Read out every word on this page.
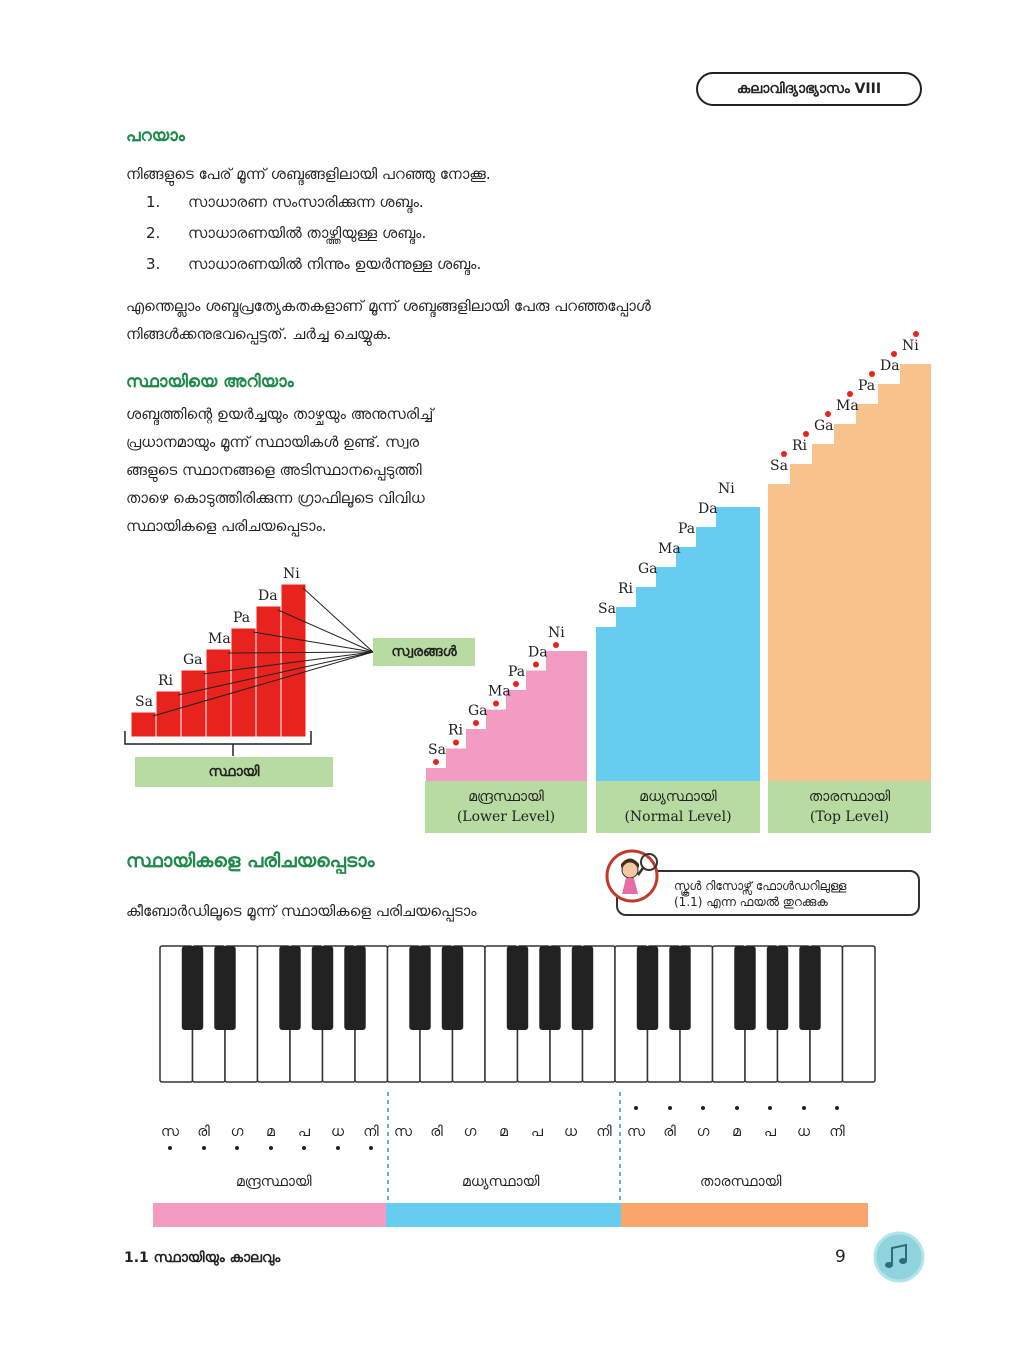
കലാവിദ്യാഭ്യാസം VIII
പറയാം
നിങ്ങളുടെ പേര് മൂന്ന് ശബ്ദങ്ങളിലായി പറഞ്ഞു നോക്കൂ.
1. സാധാരണ സംസാരിക്കുന്ന ശബ്ദം.
2. സാധാരണയിൽ താഴ്ത്തിയുള്ള ശബ്ദം.
3. സാധാരണയിൽ നിന്നും ഉയർന്നുള്ള ശബ്ദം.
എന്തെല്ലാം ശബ്ദപ്രത്യേകതകളാണ് മൂന്ന് ശബ്ദങ്ങളിലായി പേരു പറഞ്ഞപ്പോൾ
നിങ്ങൾക്കനുഭവപ്പെട്ടത്. ചർച്ച ചെയ്യുക.
സ്ഥായിയെ അറിയാം
ശബ്ദത്തിന്റെ ഉയർച്ചയും താഴ്ചയും അനുസരിച്ച്
പ്രധാനമായും മൂന്ന് സ്ഥായികൾ ഉണ്ട്. സ്വര
ങ്ങളുടെ സ്ഥാനങ്ങളെ അടിസ്ഥാനപ്പെടുത്തി
താഴെ കൊടുത്തിരിക്കുന്ന ഗ്രാഫിലൂടെ വിവിധ
സ്ഥായികളെ പരിചയപ്പെടാം.
Sa
Ri
Ga
Ma
Pa
Da
Ni
Sa
Ri
Ga
Ma
Pa
Da
Ni
Sa
Ri
Ga
Ma
Pa
Da
Ni
Sa
Ri
Ga
Ma
Pa
Da
Ni
സ്വരങ്ങൾ
സ്ഥായി
മന്ദ്രസ്ഥായി
(Lower Level)
മധ്യസ്ഥായി
(Normal Level)
താരസ്ഥായി
(Top Level)
സ്ഥായികളെ പരിചയപ്പെടാം
കീബോർഡിലൂടെ മൂന്ന് സ്ഥായികളെ പരിചയപ്പെടാം
സ്കൂൾ റിസോഴ്സ് ഫോൾഡറിലുള്ള
(1.1) എന്ന ഫയൽ തുറക്കുക
സ	രി	ഗ	മ	പ	ധ	നി	സ	രി	ഗ	മ	പ	ധ	നി	സ	രി	ഗ	മ	പ	ധ	നി
മന്ദ്രസ്ഥായി	മധ്യസ്ഥായി	താരസ്ഥായി
1.1 സ്ഥായിയും കാലവും	9
